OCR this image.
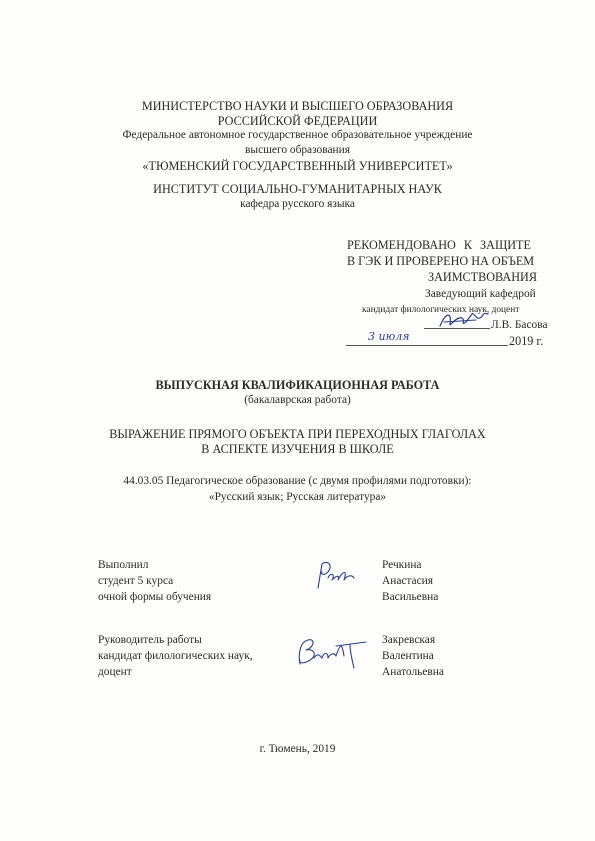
МИНИСТЕРСТВО НАУКИ И ВЫСШЕГО ОБРАЗОВАНИЯ
РОССИЙСКОЙ ФЕДЕРАЦИИ
Федеральное автономное государственное образовательное учреждение
высшего образования
«ТЮМЕНСКИЙ ГОСУДАРСТВЕННЫЙ УНИВЕРСИТЕТ»
ИНСТИТУТ СОЦИАЛЬНО-ГУМАНИТАРНЫХ НАУК
кафедра русского языка
РЕКОМЕНДОВАНО К ЗАЩИТЕ
В ГЭК И ПРОВЕРЕНО НА ОБЪЕМ
ЗАИМСТВОВАНИЯ
Заведующий кафедрой
кандидат филологических наук, доцент
Л.В. Басова
3 июля	2019 г.
ВЫПУСКНАЯ КВАЛИФИКАЦИОННАЯ РАБОТА
(бакалаврская работа)
ВЫРАЖЕНИЕ ПРЯМОГО ОБЪЕКТА ПРИ ПЕРЕХОДНЫХ ГЛАГОЛАХ
В АСПЕКТЕ ИЗУЧЕНИЯ В ШКОЛЕ
44.03.05 Педагогическое образование (с двумя профилями подготовки):
«Русский язык; Русская литература»
Выполнил
студент 5 курса
очной формы обучения
Речкина
Анастасия
Васильевна
Руководитель работы
кандидат филологических наук,
доцент
Закревская
Валентина
Анатольевна
г. Тюмень, 2019
